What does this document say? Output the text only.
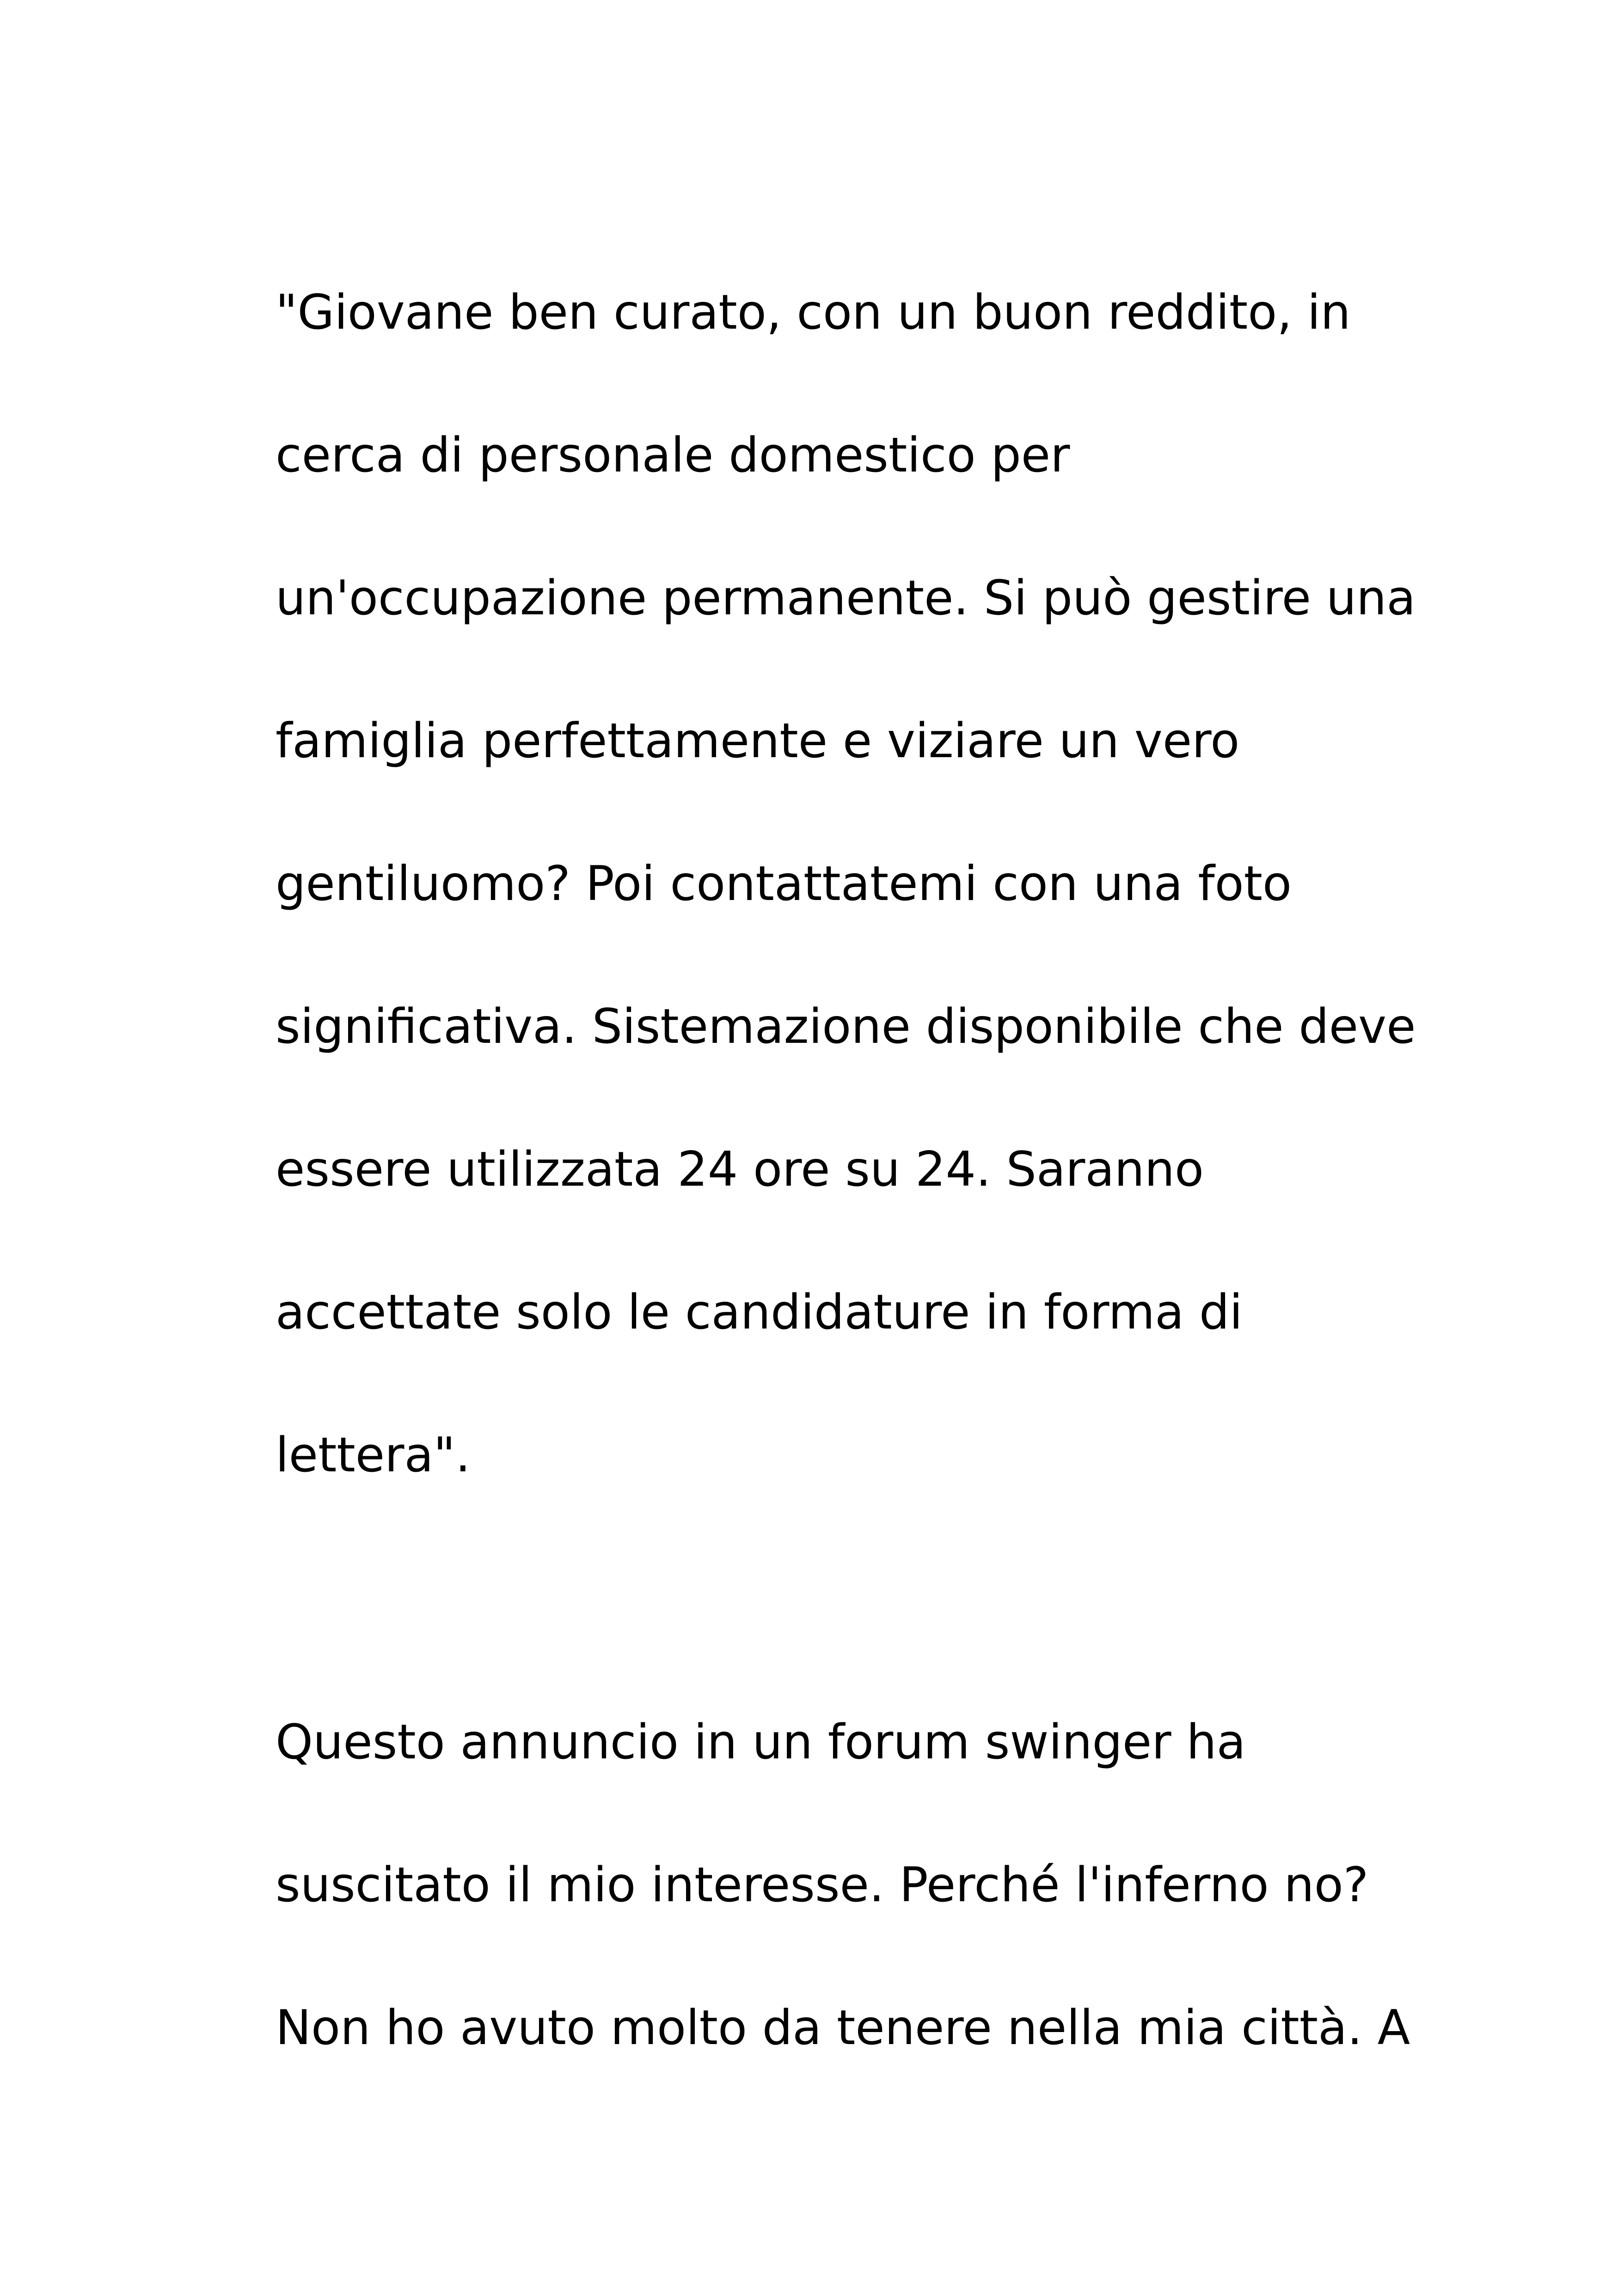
"Giovane ben curato, con un buon reddito, in
cerca di personale domestico per
un'occupazione permanente. Si può gestire una
famiglia perfettamente e viziare un vero
gentiluomo? Poi contattatemi con una foto
significativa. Sistemazione disponibile che deve
essere utilizzata 24 ore su 24. Saranno
accettate solo le candidature in forma di
lettera".

Questo annuncio in un forum swinger ha
suscitato il mio interesse. Perché l'inferno no?
Non ho avuto molto da tenere nella mia città. A
